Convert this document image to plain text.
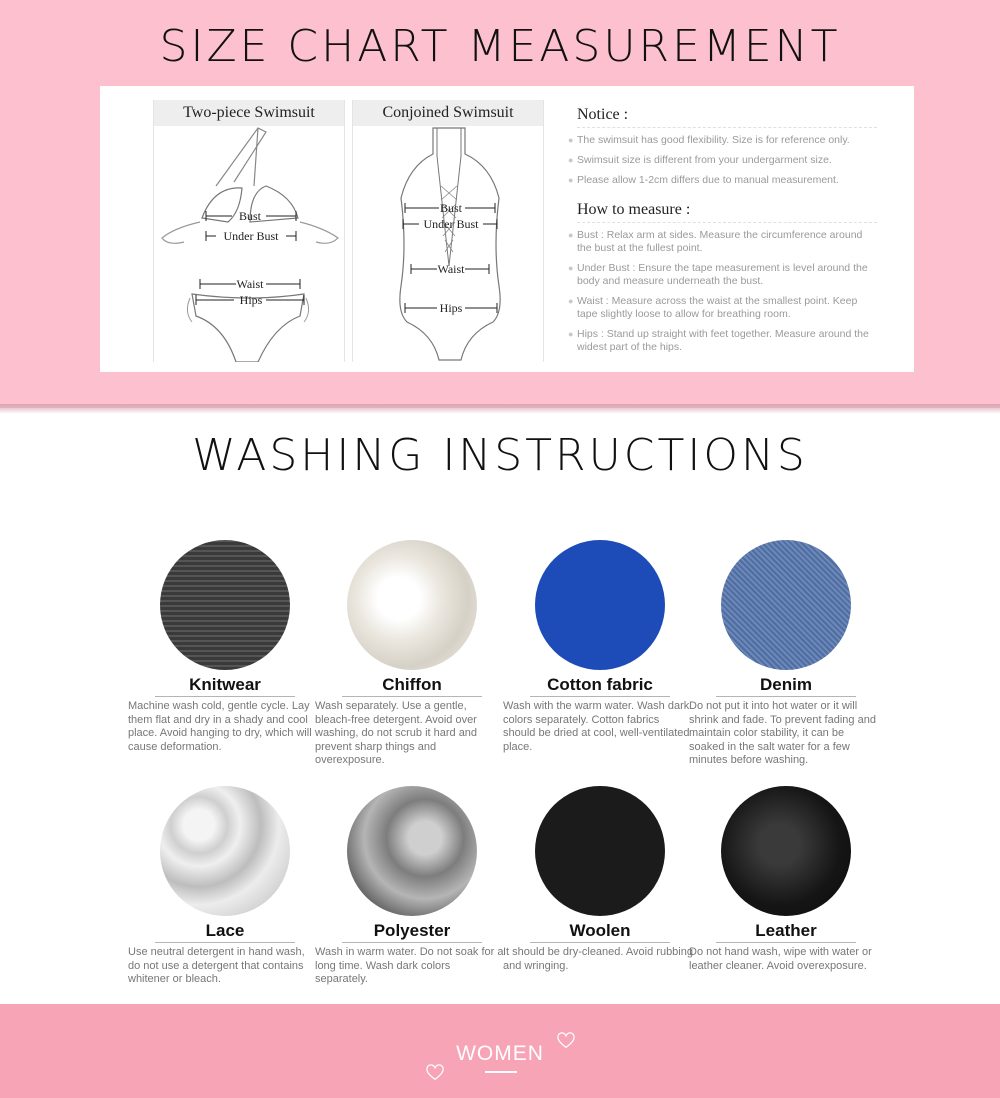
SIZE CHART MEASUREMENT
Two-piece Swimsuit
Bust
Under Bust
Waist
Hips
Conjoined Swimsuit
Bust
Under Bust
Waist
Hips
Notice :
● The swimsuit has good flexibility. Size is for reference only.
● Swimsuit size is different from your undergarment size.
● Please allow 1-2cm differs due to manual measurement.
How to measure :
● Bust : Relax arm at sides. Measure the circumference around the bust at the fullest point.
● Under Bust : Ensure the tape measurement is level around the body and measure underneath the bust.
● Waist : Measure across the waist at the smallest point. Keep tape slightly loose to allow for breathing room.
● Hips : Stand up straight with feet together. Measure around the widest part of the hips.
WASHING INSTRUCTIONS
Knitwear
Machine wash cold, gentle cycle. Lay them flat and dry in a shady and cool place. Avoid hanging to dry, which will cause deformation.
Chiffon
Wash separately. Use a gentle, bleach-free detergent. Avoid over washing, do not scrub it hard and prevent sharp things and overexposure.
Cotton fabric
Wash with the warm water. Wash dark colors separately. Cotton fabrics should be dried at cool, well-ventilated place.
Denim
Do not put it into hot water or it will shrink and fade. To prevent fading and maintain color stability, it can be soaked in the salt water for a few minutes before washing.
Lace
Use neutral detergent in hand wash, do not use a detergent that contains whitener or bleach.
Polyester
Wash in warm water. Do not soak for a long time. Wash dark colors separately.
Woolen
It should be dry-cleaned. Avoid rubbing and wringing.
Leather
Do not hand wash, wipe with water or leather cleaner. Avoid overexposure.
WOMEN
